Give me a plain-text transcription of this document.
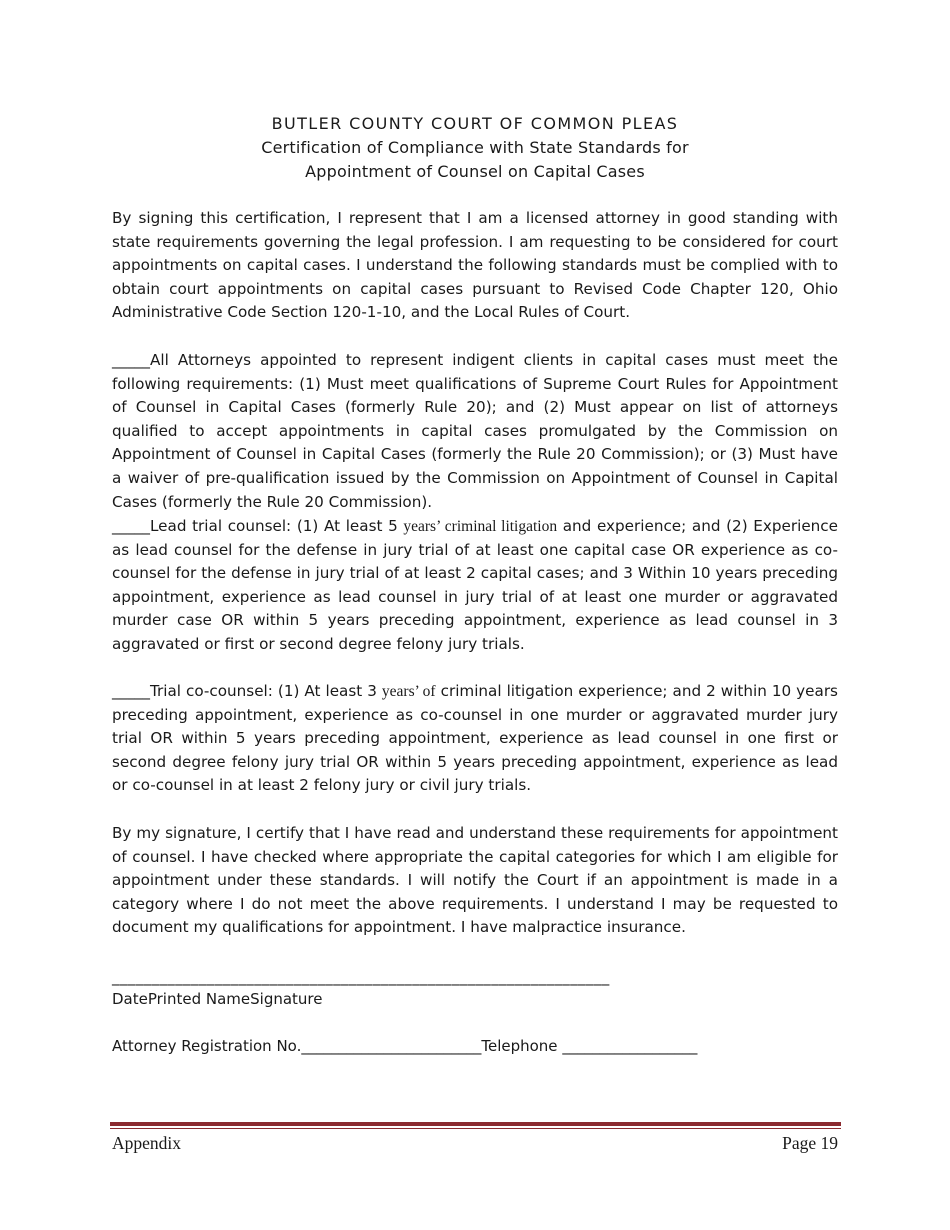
BUTLER COUNTY COURT OF COMMON PLEAS
Certification of Compliance with State Standards for
Appointment of Counsel on Capital Cases

By signing this certification, I represent that I am a licensed attorney in good standing with state requirements governing the legal profession. I am requesting to be considered for court appointments on capital cases. I understand the following standards must be complied with to obtain court appointments on capital cases pursuant to Revised Code Chapter 120, Ohio Administrative Code Section 120-1-10, and the Local Rules of Court.

_____All Attorneys appointed to represent indigent clients in capital cases must meet the following requirements: (1) Must meet qualifications of Supreme Court Rules for Appointment of Counsel in Capital Cases (formerly Rule 20); and (2) Must appear on list of attorneys qualified to accept appointments in capital cases promulgated by the Commission on Appointment of Counsel in Capital Cases (formerly the Rule 20 Commission); or (3) Must have a waiver of pre-qualification issued by the Commission on Appointment of Counsel in Capital Cases (formerly the Rule 20 Commission).

_____Lead trial counsel: (1) At least 5 years’ criminal litigation and experience; and (2) Experience as lead counsel for the defense in jury trial of at least one capital case OR experience as co-counsel for the defense in jury trial of at least 2 capital cases; and 3 Within 10 years preceding appointment, experience as lead counsel in jury trial of at least one murder or aggravated murder case OR within 5 years preceding appointment, experience as lead counsel in 3 aggravated or first or second degree felony jury trials.

_____Trial co-counsel: (1) At least 3 years’ of criminal litigation experience; and 2 within 10 years preceding appointment, experience as co-counsel in one murder or aggravated murder jury trial OR within 5 years preceding appointment, experience as lead counsel in one first or second degree felony jury trial OR within 5 years preceding appointment, experience as lead or co-counsel in at least 2 felony jury or civil jury trials.

By my signature, I certify that I have read and understand these requirements for appointment of counsel. I have checked where appropriate the capital categories for which I am eligible for appointment under these standards. I will notify the Court if an appointment is made in a category where I do not meet the above requirements. I understand I may be requested to document my qualifications for appointment. I have malpractice insurance.

_______________________________________________________________
DatePrinted NameSignature
Attorney Registration No.________________________Telephone __________________
Appendix	Page 19
